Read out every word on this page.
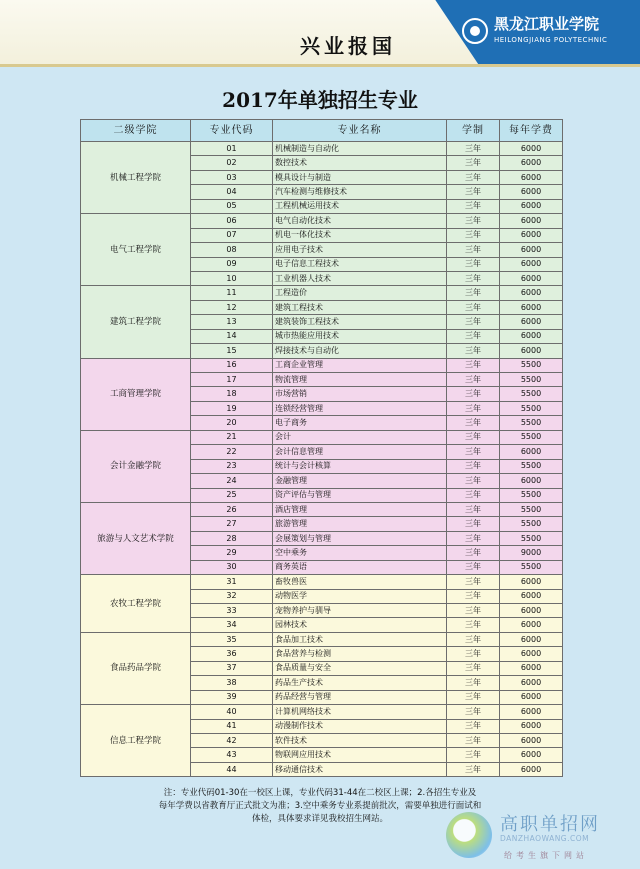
兴业报国
黑龙江职业学院
HEILONGJIANG POLYTECHNIC
2017年单独招生专业
二级学院	专业代码	专业名称	学制	每年学费
机械工程学院	01	机械制造与自动化	三年	6000
	02	数控技术	三年	6000
	03	模具设计与制造	三年	6000
	04	汽车检测与维修技术	三年	6000
	05	工程机械运用技术	三年	6000
电气工程学院	06	电气自动化技术	三年	6000
	07	机电一体化技术	三年	6000
	08	应用电子技术	三年	6000
	09	电子信息工程技术	三年	6000
	10	工业机器人技术	三年	6000
建筑工程学院	11	工程造价	三年	6000
	12	建筑工程技术	三年	6000
	13	建筑装饰工程技术	三年	6000
	14	城市热能应用技术	三年	6000
	15	焊接技术与自动化	三年	6000
工商管理学院	16	工商企业管理	三年	5500
	17	物流管理	三年	5500
	18	市场营销	三年	5500
	19	连锁经营管理	三年	5500
	20	电子商务	三年	5500
会计金融学院	21	会计	三年	5500
	22	会计信息管理	三年	6000
	23	统计与会计核算	三年	5500
	24	金融管理	三年	6000
	25	资产评估与管理	三年	5500
旅游与人文艺术学院	26	酒店管理	三年	5500
	27	旅游管理	三年	5500
	28	会展策划与管理	三年	5500
	29	空中乘务	三年	9000
	30	商务英语	三年	5500
农牧工程学院	31	畜牧兽医	三年	6000
	32	动物医学	三年	6000
	33	宠物养护与驯导	三年	6000
	34	园林技术	三年	6000
食品药品学院	35	食品加工技术	三年	6000
	36	食品营养与检测	三年	6000
	37	食品质量与安全	三年	6000
	38	药品生产技术	三年	6000
	39	药品经营与管理	三年	6000
信息工程学院	40	计算机网络技术	三年	6000
	41	动漫制作技术	三年	6000
	42	软件技术	三年	6000
	43	物联网应用技术	三年	6000
	44	移动通信技术	三年	6000
注：专业代码01-30在一校区上课，专业代码31-44在二校区上课；2.各招生专业及
每年学费以省教育厅正式批文为准；3.空中乘务专业系提前批次，需要单独进行面试和
体检，具体要求详见我校招生网站。	高职单招网
DANZHAOWANG.COM
给考生旗下网站
